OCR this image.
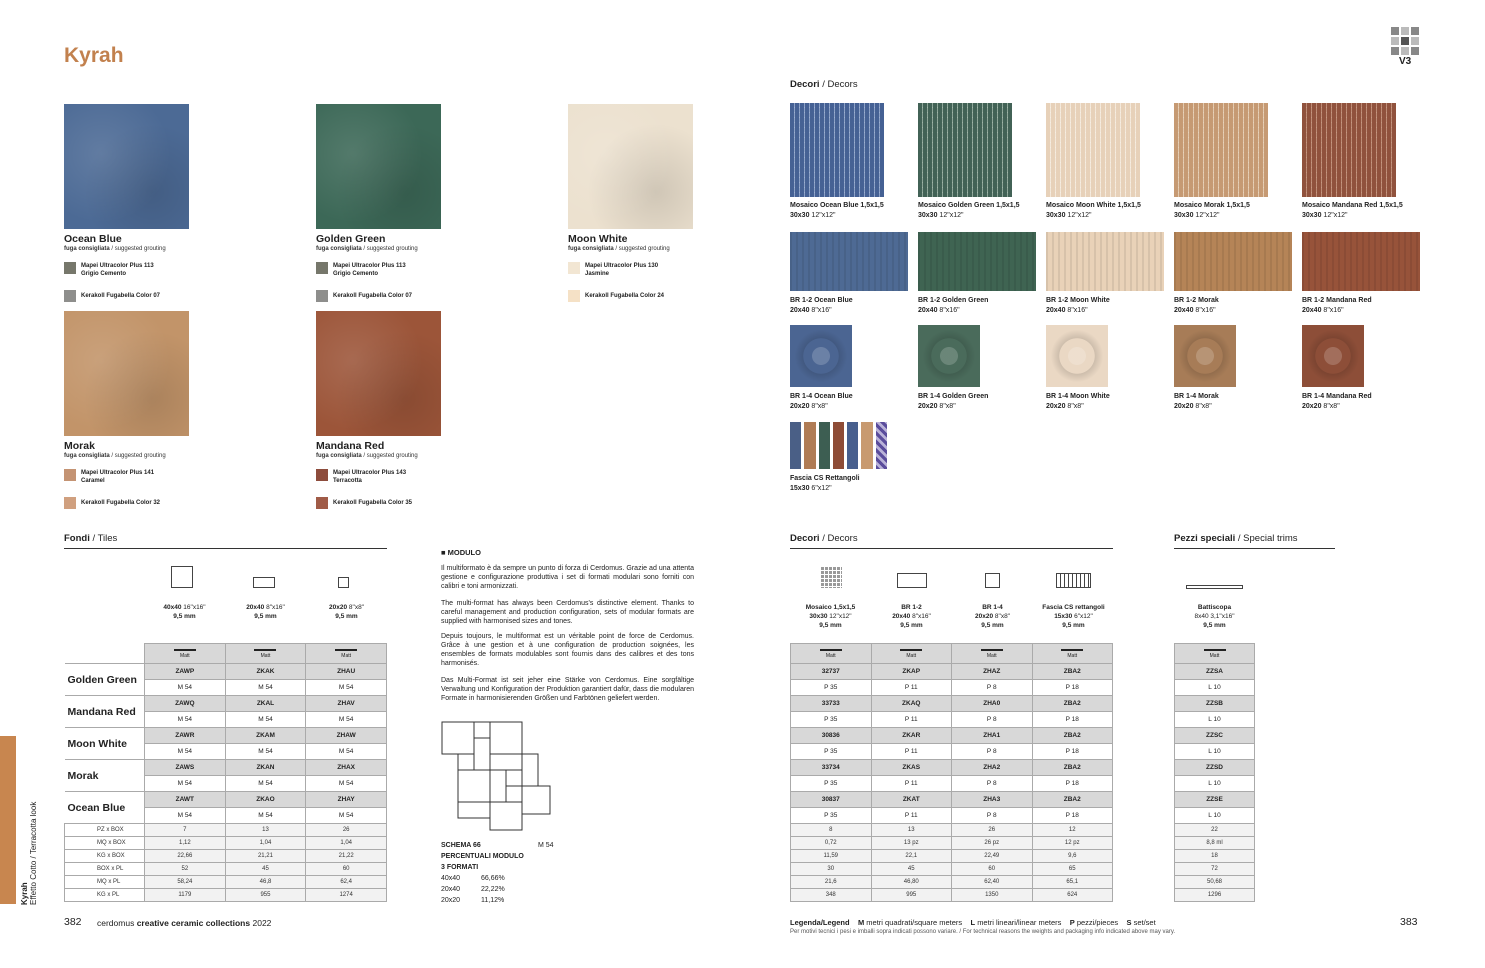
Kyrah	V3
Ocean Blue
fuga consigliata / suggested grouting
Mapei Ultracolor Plus 113
Grigio Cemento
Kerakoll Fugabella Color 07
Golden Green
fuga consigliata / suggested grouting
Mapei Ultracolor Plus 113
Grigio Cemento
Kerakoll Fugabella Color 07
Moon White
fuga consigliata / suggested grouting
Mapei Ultracolor Plus 130
Jasmine
Kerakoll Fugabella Color 24
Morak
fuga consigliata / suggested grouting
Mapei Ultracolor Plus 141
Caramel
Kerakoll Fugabella Color 32
Mandana Red
fuga consigliata / suggested grouting
Mapei Ultracolor Plus 143
Terracotta
Kerakoll Fugabella Color 35
Decori / Decors
Mosaico Ocean Blue 1,5x1,5
30x30 12"x12"
Mosaico Golden Green 1,5x1,5
30x30 12"x12"
Mosaico Moon White 1,5x1,5
30x30 12"x12"
Mosaico Morak 1,5x1,5
30x30 12"x12"
Mosaico Mandana Red 1,5x1,5
30x30 12"x12"
BR 1-2 Ocean Blue
20x40 8"x16"
BR 1-2 Golden Green
20x40 8"x16"
BR 1-2 Moon White
20x40 8"x16"
BR 1-2 Morak
20x40 8"x16"
BR 1-2 Mandana Red
20x40 8"x16"
BR 1-4 Ocean Blue
20x20 8"x8"
BR 1-4 Golden Green
20x20 8"x8"
BR 1-4 Moon White
20x20 8"x8"
BR 1-4 Morak
20x20 8"x8"
BR 1-4 Mandana Red
20x20 8"x8"
Fascia CS Rettangoli
15x30 6"x12"
Fondi / Tiles
40x40 16"x16"
9,5 mm
20x40 8"x16"
9,5 mm
20x20 8"x8"
9,5 mm

	Matt	Matt	Matt

Golden Green	ZAWP	ZKAK	ZHAU
	M 54	M 54	M 54
Mandana Red	ZAWQ	ZKAL	ZHAV
	M 54	M 54	M 54
Moon White	ZAWR	ZKAM	ZHAW
	M 54	M 54	M 54
Morak	ZAWS	ZKAN	ZHAX
	M 54	M 54	M 54
Ocean Blue	ZAWT	ZKAO	ZHAY
	M 54	M 54	M 54
PZ x BOX	7	13	26
MQ x BOX	1,12	1,04	1,04
KG x BOX	22,66	21,21	21,22
BOX x PL	52	45	60
MQ x PL	58,24	46,8	62,4
KG x PL	1179	955	1274
■ MODULO
Il multiformato è da sempre un punto di forza di Cerdomus. Grazie ad una attenta gestione e configurazione produttiva i set di formati modulari sono forniti con calibri e toni armonizzati.
The multi-format has always been Cerdomus's distinctive element. Thanks to careful management and production configuration, sets of modular formats are supplied with harmonised sizes and tones.
Depuis toujours, le multiformat est un véritable point de force de Cerdomus. Grâce à une gestion et à une configuration de production soignées, les ensembles de formats modulables sont fournis dans des calibres et des tons harmonisés.
Das Multi-Format ist seit jeher eine Stärke von Cerdomus. Eine sorgfältige Verwaltung und Konfiguration der Produktion garantiert dafür, dass die modularen Formate in harmonisierenden Größen und Farbtönen geliefert werden.
SCHEMA 66
PERCENTUALI MODULO
3 FORMATI
M 54
40x40	66,66%
20x40	22,22%
20x20	11,12%
Decori / Decors
Mosaico 1,5x1,5
30x30 12"x12"
9,5 mm
BR 1-2
20x40 8"x16"
9,5 mm
BR 1-4
20x20 8"x8"
9,5 mm
Fascia CS rettangoli
15x30 6"x12"
9,5 mm
Matt	Matt	Matt	Matt

32737	ZKAP	ZHAZ	ZBA2
P 35	P 11	P 8	P 18
33733	ZKAQ	ZHA0	ZBA2
P 35	P 11	P 8	P 18
30836	ZKAR	ZHA1	ZBA2
P 35	P 11	P 8	P 18
33734	ZKAS	ZHA2	ZBA2
P 35	P 11	P 8	P 18
30837	ZKAT	ZHA3	ZBA2
P 35	P 11	P 8	P 18
8	13	26	12
0,72	13 pz	26 pz	12 pz
11,59	22,1	22,49	9,6
30	45	60	65
21,6	46,80	62,40	65,1
348	995	1350	624
Pezzi speciali / Special trims
Battiscopa
8x40 3,1"x16"
9,5 mm
Matt

ZZSA
L 10
ZZSB
L 10
ZZSC
L 10
ZZSD
L 10
ZZSE
L 10
22
8,8 ml
18
72
50,68
1296
Kyrah
Effetto Cotto / Terracotta look
382 cerdomus creative ceramic collections 2022	Legenda/Legend M metri quadrati/square meters L metri lineari/linear meters P pezzi/pieces S set/set
Per motivi tecnici i pesi e imballi sopra indicati possono variare. / For technical reasons the weights and packaging info indicated above may vary.
383
